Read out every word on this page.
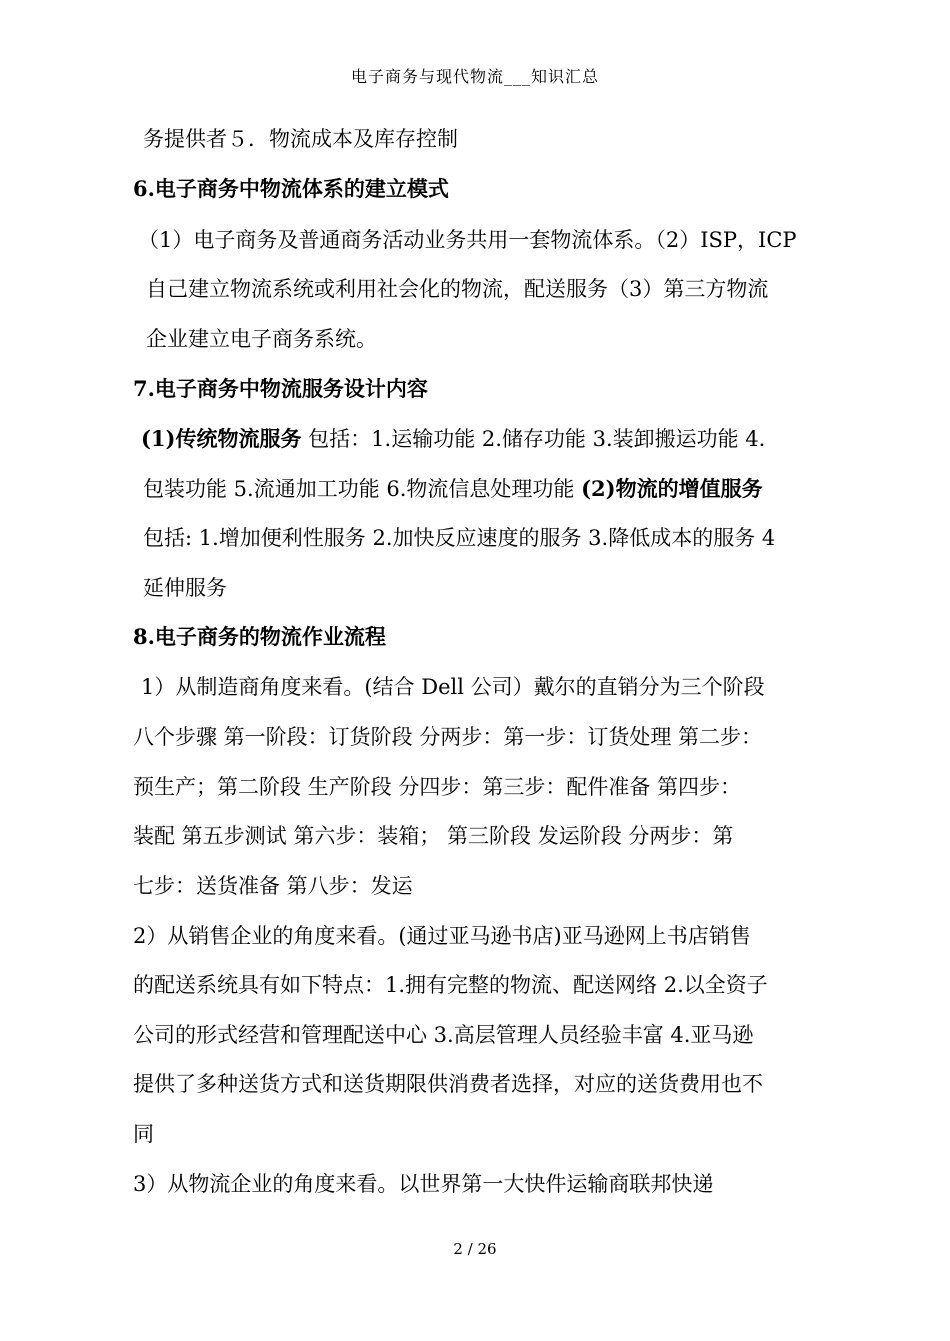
电子商务与现代物流___知识汇总
务提供者５．物流成本及库存控制
6.电子商务中物流体系的建立模式
（1）电子商务及普通商务活动业务共用一套物流体系。（2）ISP，ICP
自己建立物流系统或利用社会化的物流，配送服务（3）第三方物流
企业建立电子商务系统。
7.电子商务中物流服务设计内容
(1)传统物流服务 包括：1.运输功能 2.储存功能 3.装卸搬运功能 4.
包装功能 5.流通加工功能 6.物流信息处理功能 (2)物流的增值服务
包括: 1.增加便利性服务 2.加快反应速度的服务 3.降低成本的服务 4
延伸服务
8.电子商务的物流作业流程
1）从制造商角度来看。(结合 Dell 公司）戴尔的直销分为三个阶段
八个步骤 第一阶段：订货阶段 分两步：第一步：订货处理 第二步：
预生产；第二阶段 生产阶段 分四步：第三步：配件准备 第四步：
装配 第五步测试 第六步：装箱； 第三阶段 发运阶段 分两步：第
七步：送货准备 第八步：发运
2）从销售企业的角度来看。(通过亚马逊书店)亚马逊网上书店销售
的配送系统具有如下特点：1.拥有完整的物流、配送网络 2.以全资子
公司的形式经营和管理配送中心 3.高层管理人员经验丰富 4.亚马逊
提供了多种送货方式和送货期限供消费者选择，对应的送货费用也不
同
3）从物流企业的角度来看。以世界第一大快件运输商联邦快递
2 / 26
